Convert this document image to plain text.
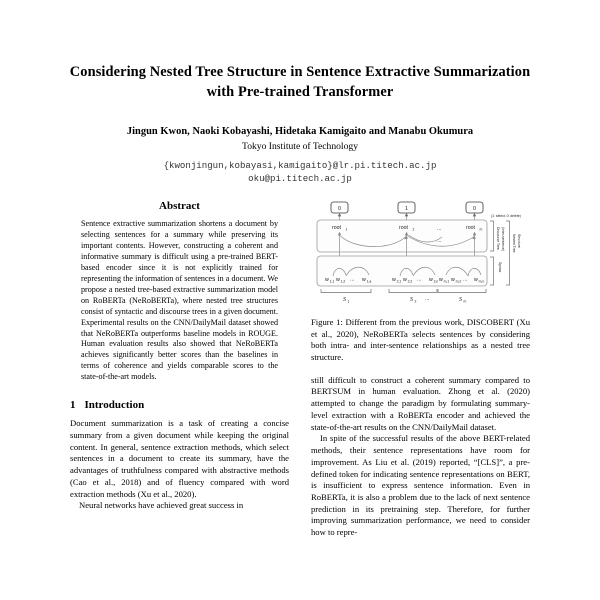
Considering Nested Tree Structure in Sentence Extractive Summarization
with Pre-trained Transformer
Jingun Kwon, Naoki Kobayashi, Hidetaka Kamigaito and Manabu Okumura
Tokyo Institute of Technology
{kwonjingun,kobayasi,kamigaito}@lr.pi.titech.ac.jp
oku@pi.titech.ac.jp
Abstract
Sentence extractive summarization shortens a document by selecting sentences for a summary while preserving its important contents. However, constructing a coherent and informative summary is difficult using a pre-trained BERT-based encoder since it is not explicitly trained for representing the information of sentences in a document. We propose a nested tree-based extractive summarization model on RoBERTa (NeRoBERTa), where nested tree structures consist of syntactic and discourse trees in a given document. Experimental results on the CNN/DailyMail dataset showed that NeRoBERTa outperforms baseline models in ROUGE. Human evaluation results also showed that NeRoBERTa achieves significantly better scores than the baselines in terms of coherence and yields comparable scores to the state-of-the-art models.
1 Introduction

Document summarization is a task of creating a concise summary from a given document while keeping the original content. In general, sentence extraction methods, which select sentences in a document to create its summary, have the advantages of truthfulness compared with abstractive methods (Cao et al., 2018) and of fluency compared with word extraction methods (Xu et al., 2020).

Neural networks have achieved great success in

0	1	0
(1: select, 0: delete)
root 1	root 2	...	root m
...
w 1,1 w 1,2 ... w 1,a	w 2,1 w 2,2 ... w 2,n w m,1 w m,2 ... w m,n
S 1	S 2 ...	S m
Discourse Tree (Inter-sentence)
Syntax
Nested Tree Structure
Figure 1: Different from the previous work, DISCOBERT (Xu et al., 2020), NeRoBERTa selects sentences by considering both intra- and inter-sentence relationships as a nested tree structure.

still difficult to construct a coherent summary compared to BERTSUM in human evaluation. Zhong et al. (2020) attempted to change the paradigm by formulating summary-level extraction with a RoBERTa encoder and achieved the state-of-the-art results on the CNN/DailyMail dataset.

In spite of the successful results of the above BERT-related methods, their sentence representations have room for improvement. As Liu et al. (2019) reported, “[CLS]”, a pre-defined token for indicating sentence representations on BERT, is insufficient to express sentence information. Even in RoBERTa, it is also a problem due to the lack of next sentence prediction in its pretraining step. Therefore, for further improving summarization performance, we need to consider how to repre-
